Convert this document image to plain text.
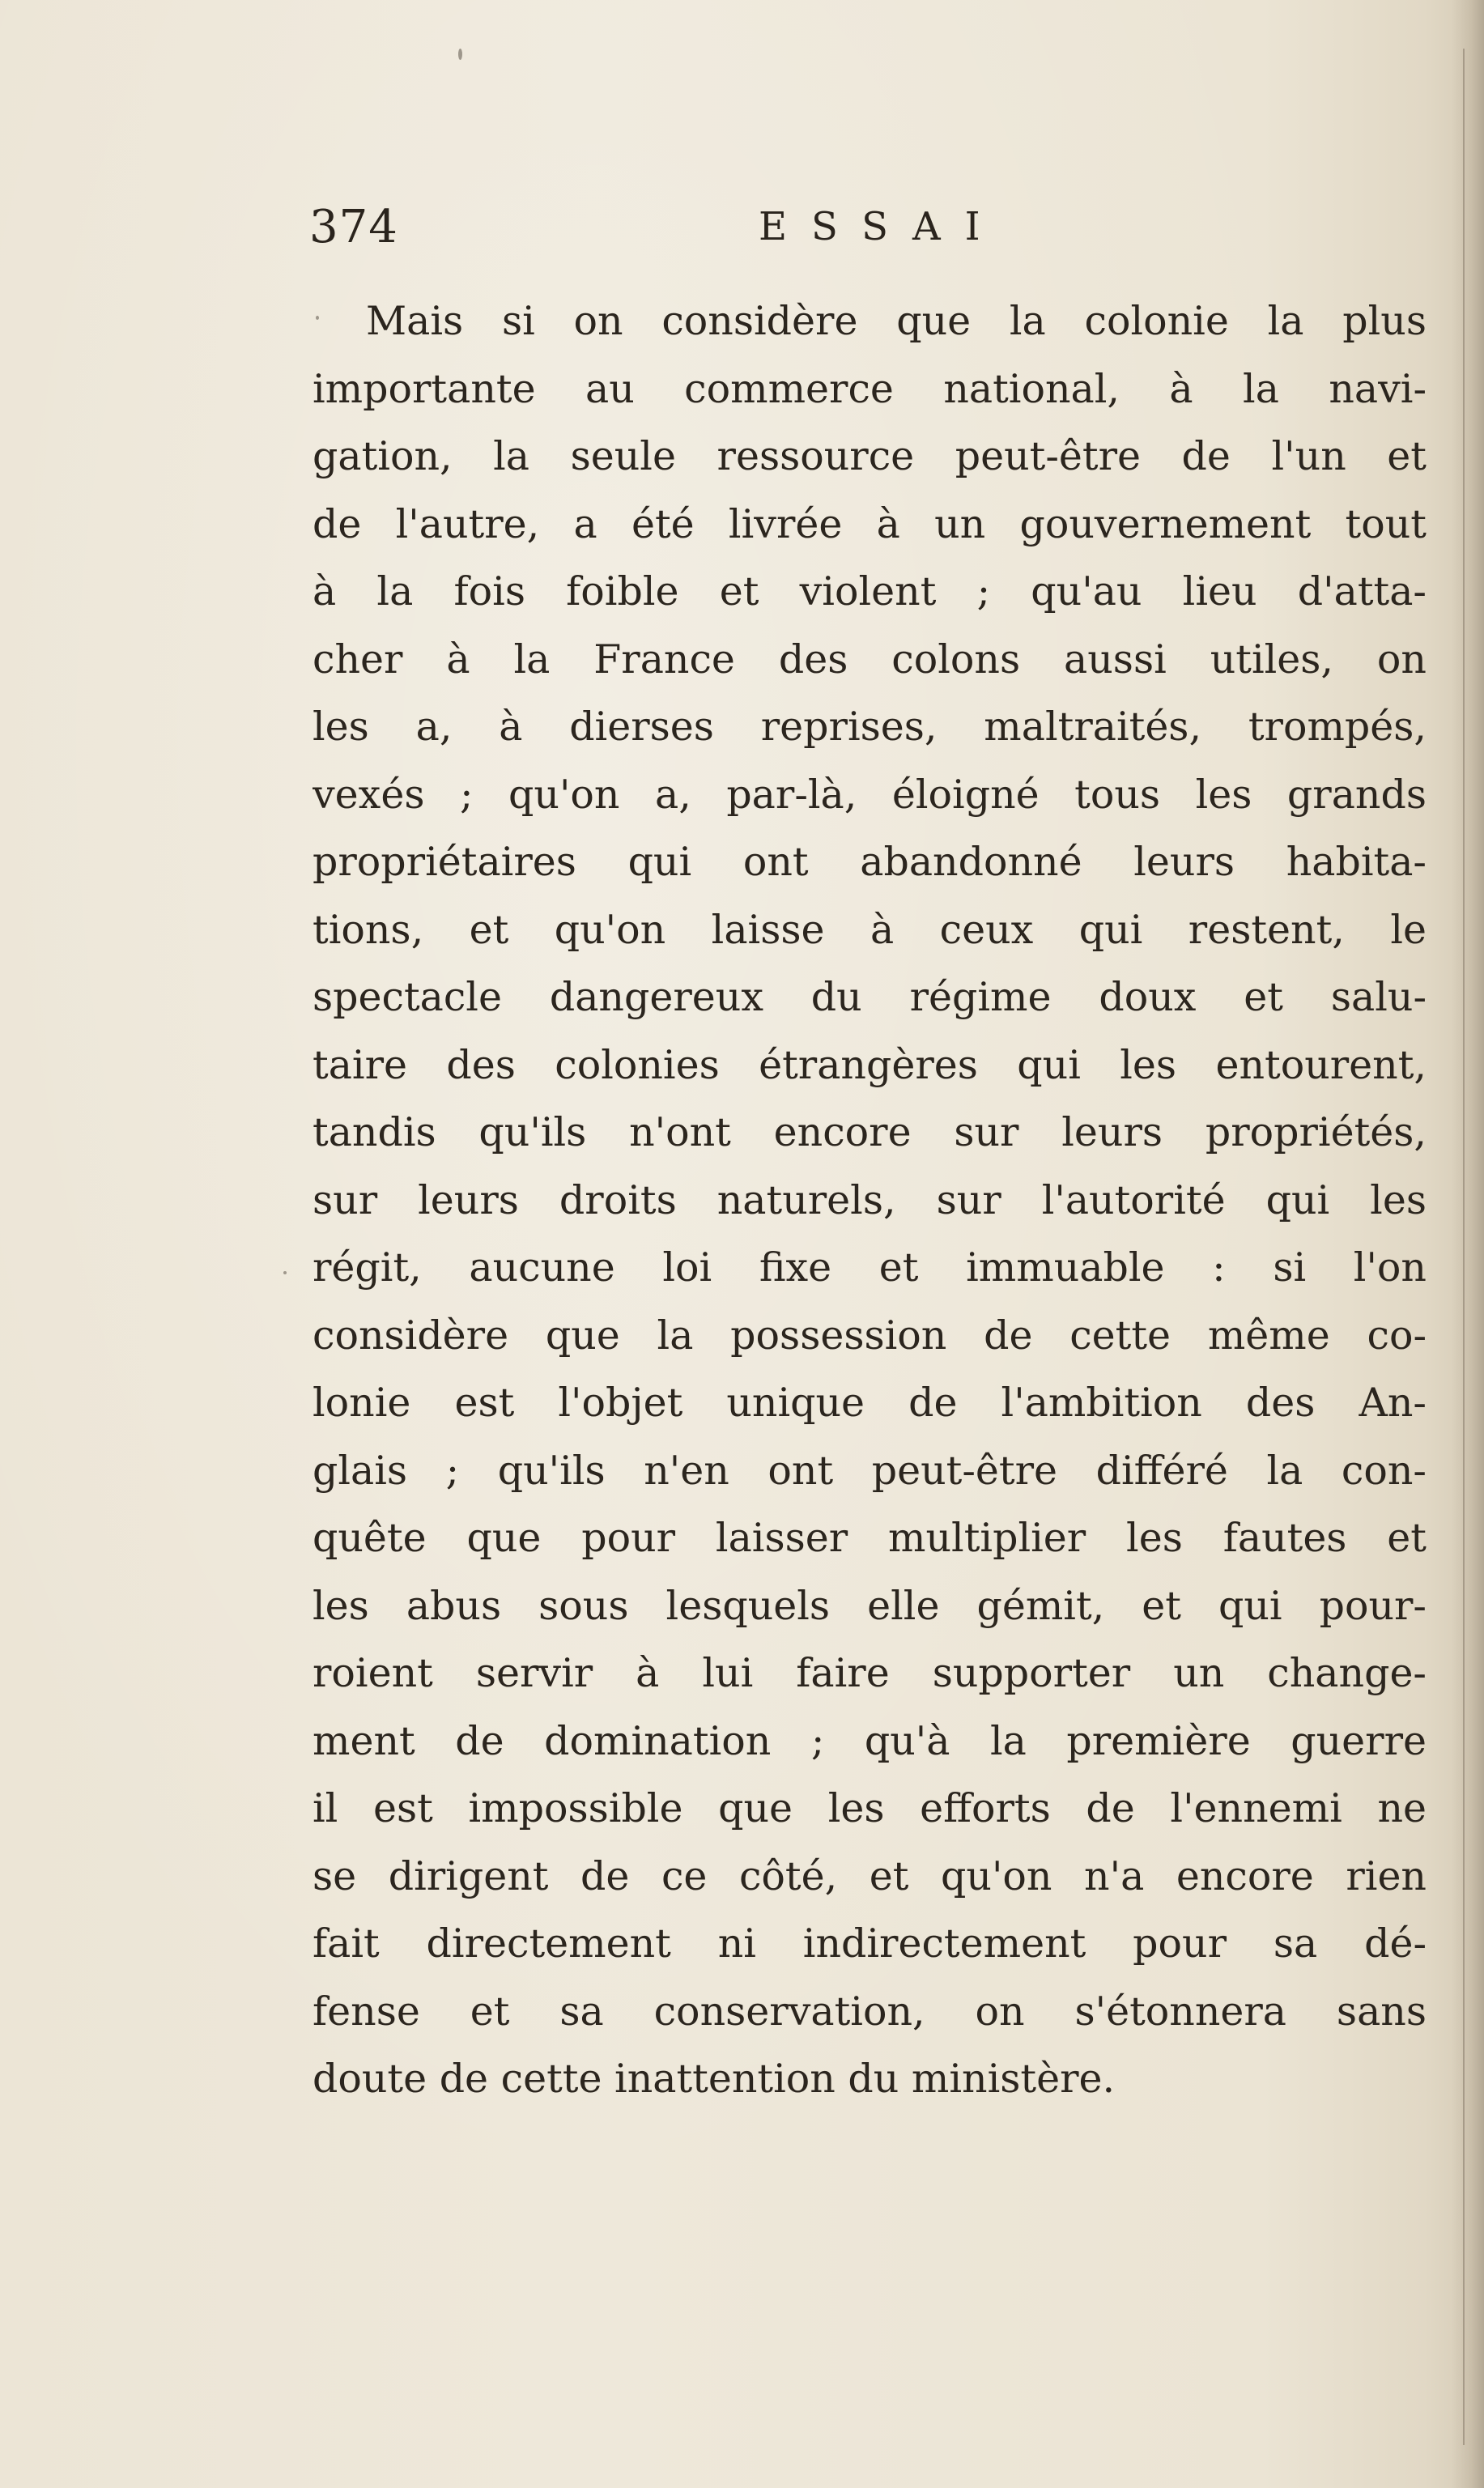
374	ESSAI
Mais si on considère que la colonie la plus
importante au commerce national, à la navi-
gation, la seule ressource peut-être de l'un et
de l'autre, a été livrée à un gouvernement tout
à la fois foible et violent ; qu'au lieu d'atta-
cher à la France des colons aussi utiles, on
les a, à dierses reprises, maltraités, trompés,
vexés ; qu'on a, par-là, éloigné tous les grands
propriétaires qui ont abandonné leurs habita-
tions, et qu'on laisse à ceux qui restent, le
spectacle dangereux du régime doux et salu-
taire des colonies étrangères qui les entourent,
tandis qu'ils n'ont encore sur leurs propriétés,
sur leurs droits naturels, sur l'autorité qui les
régit, aucune loi fixe et immuable : si l'on
considère que la possession de cette même co-
lonie est l'objet unique de l'ambition des An-
glais ; qu'ils n'en ont peut-être différé la con-
quête que pour laisser multiplier les fautes et
les abus sous lesquels elle gémit, et qui pour-
roient servir à lui faire supporter un change-
ment de domination ; qu'à la première guerre
il est impossible que les efforts de l'ennemi ne
se dirigent de ce côté, et qu'on n'a encore rien
fait directement ni indirectement pour sa dé-
fense et sa conservation, on s'étonnera sans
doute de cette inattention du ministère.
